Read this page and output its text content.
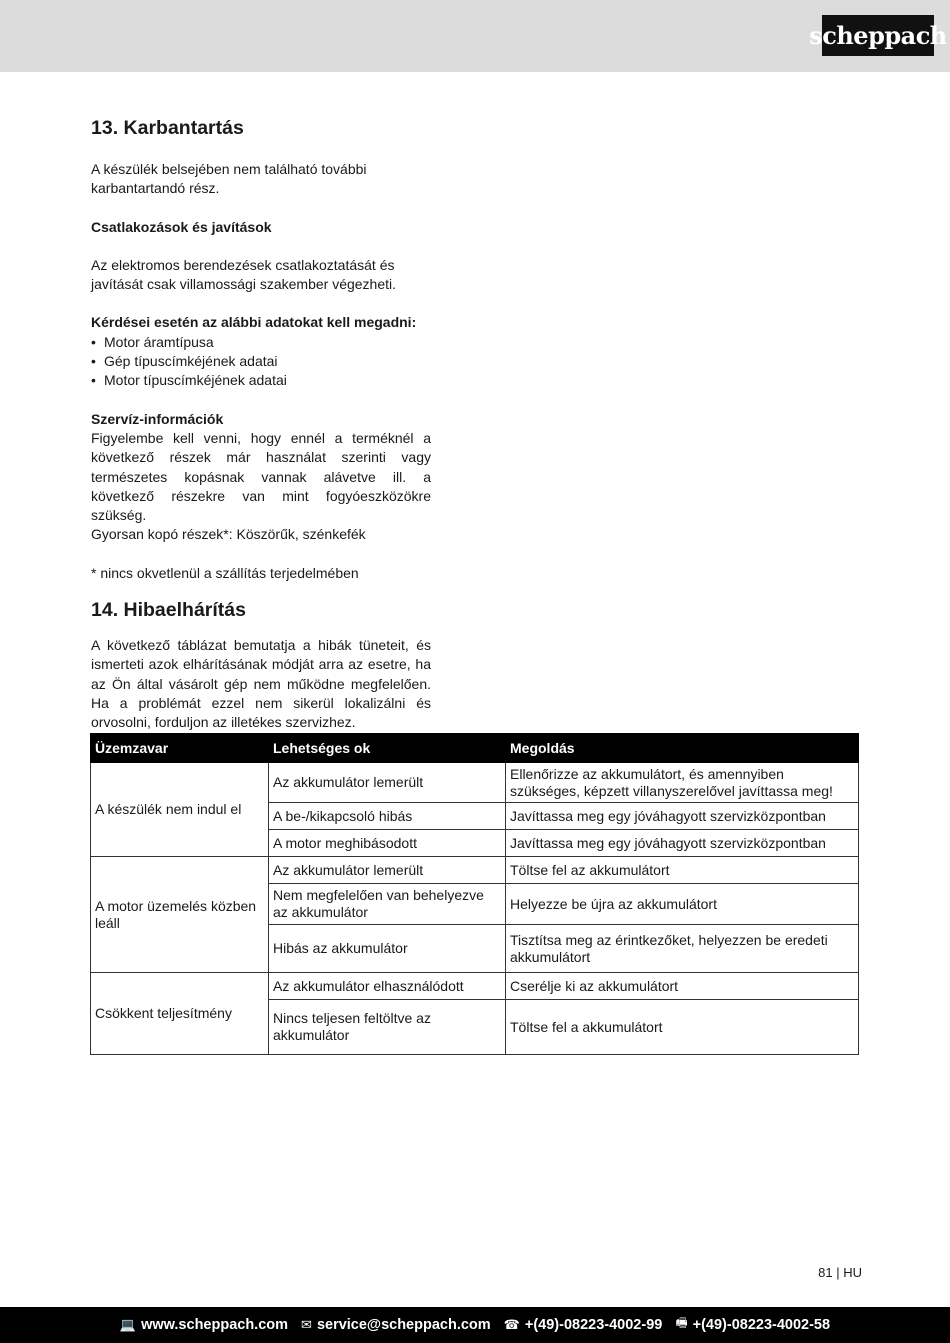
scheppach
13. Karbantartás

A készülék belsejében nem található további karbantartandó rész.

Csatlakozások és javítások

Az elektromos berendezések csatlakoztatását és javítását csak villamossági szakember végezheti.

Kérdései esetén az alábbi adatokat kell megadni:

• Motor áramtípusa
• Gép típuscímkéjének adatai
• Motor típuscímkéjének adatai

Szervíz-információk

Figyelembe kell venni, hogy ennél a terméknél a következő részek már használat szerinti vagy természetes kopásnak vannak alávetve ill. a következő részekre van mint fogyóeszközökre szükség.

Gyorsan kopó részek*: Köszörűk, szénkefék

* nincs okvetlenül a szállítás terjedelmében

14. Hibaelhárítás

A következő táblázat bemutatja a hibák tüneteit, és ismerteti azok elhárításának módját arra az esetre, ha az Ön által vásárolt gép nem működne megfelelően. Ha a problémát ezzel nem sikerül lokalizálni és orvosolni, forduljon az illetékes szervizhez.

Üzemzavar	Lehetséges ok	Megoldás
A készülék nem indul el	Az akkumulátor lemerült	Ellenőrizze az akkumulátort, és amennyiben szükséges, képzett villanyszerelővel javíttassa meg!
	A be-/kikapcsoló hibás	Javíttassa meg egy jóváhagyott szervizközpontban
	A motor meghibásodott	Javíttassa meg egy jóváhagyott szervizközpontban
A motor üzemelés közben leáll	Az akkumulátor lemerült	Töltse fel az akkumulátort
	Nem megfelelően van behelyezve az akkumulátor	Helyezze be újra az akkumulátort
	Hibás az akkumulátor	Tisztítsa meg az érintkezőket, helyezzen be eredeti akkumulátort
Csökkent teljesítmény	Az akkumulátor elhasználódott	Cserélje ki az akkumulátort
	Nincs teljesen feltöltve az akkumulátor	Töltse fel a akkumulátort
81 | HU
💻 www.scheppach.com ✉ service@scheppach.com ☎ +(49)-08223-4002-99 🖷 +(49)-08223-4002-58
